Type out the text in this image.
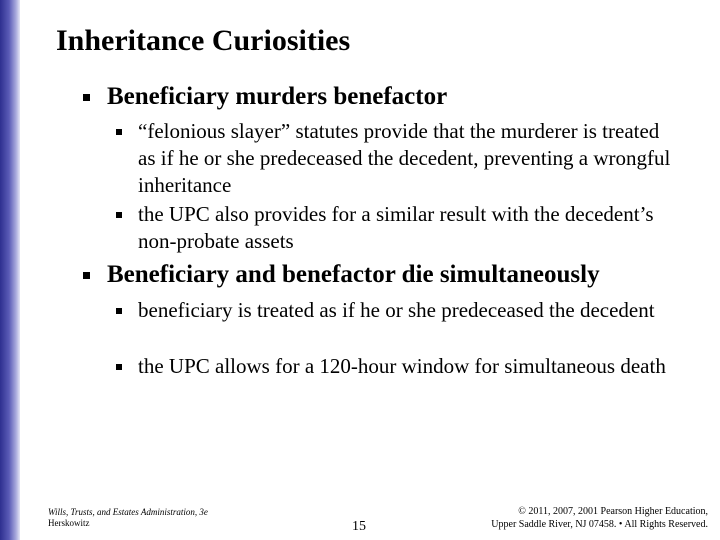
Inheritance Curiosities
Beneficiary murders benefactor
“felonious slayer” statutes provide that the murderer is treated as if he or she predeceased the decedent, preventing a wrongful inheritance
the UPC also provides for a similar result with the decedent’s non-probate assets
Beneficiary and benefactor die simultaneously
beneficiary is treated as if he or she predeceased the decedent
the UPC allows for a 120-hour window for simultaneous death
Wills, Trusts, and Estates Administration, 3e
Herskowitz	15
© 2011, 2007, 2001 Pearson Higher Education,
Upper Saddle River, NJ 07458. • All Rights Reserved.
